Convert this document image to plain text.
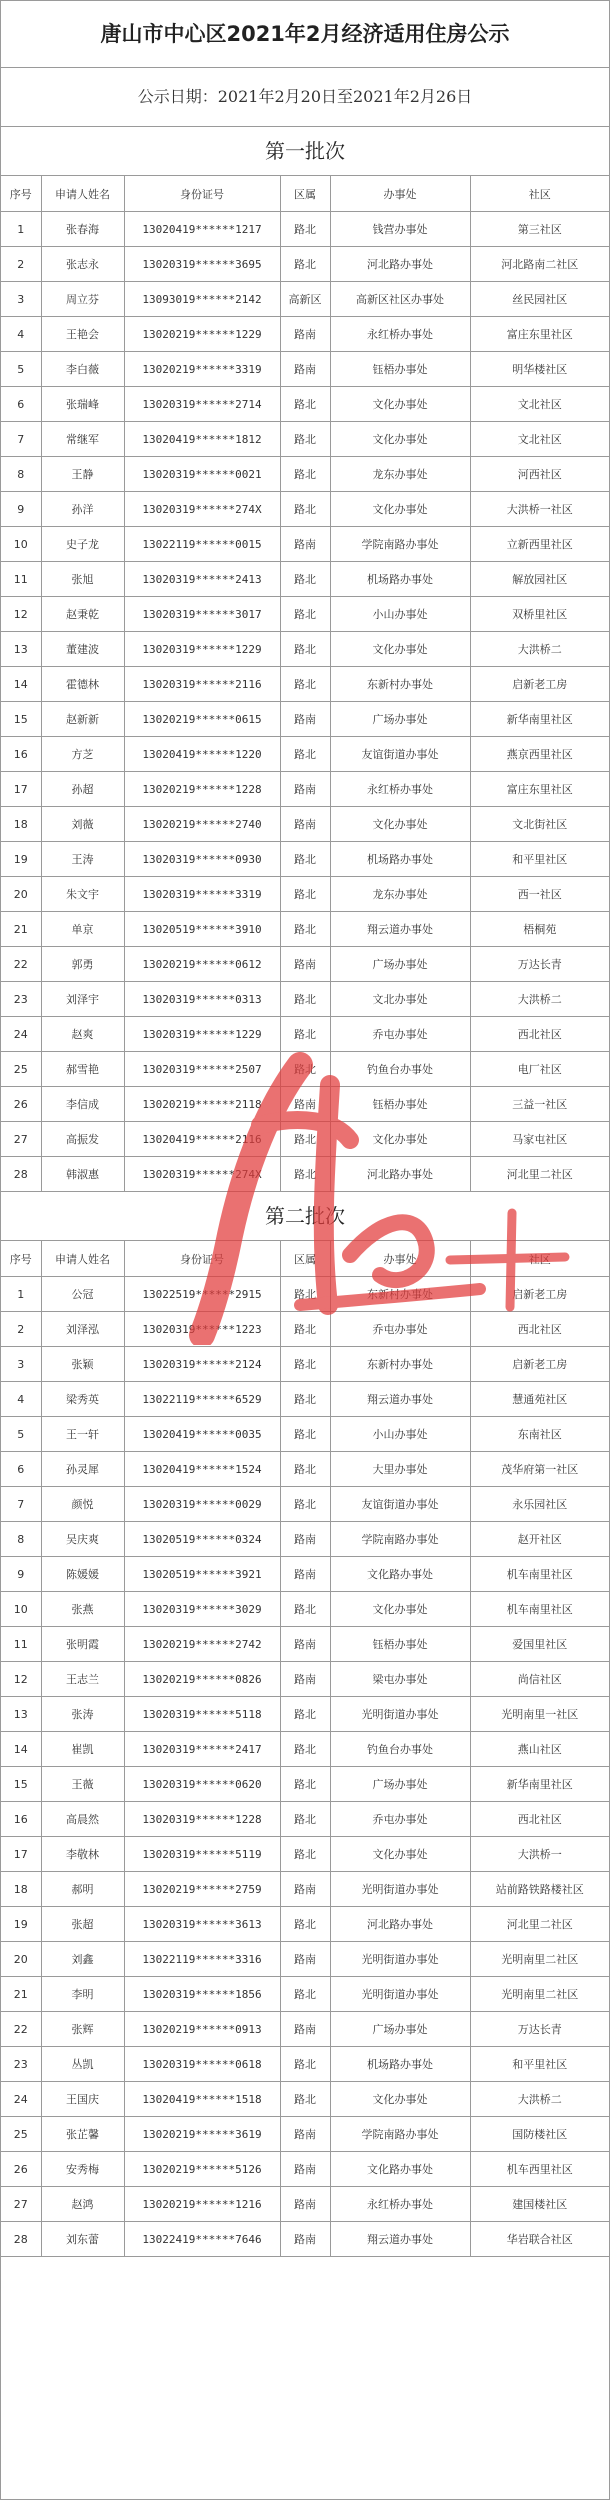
唐山市中心区2021年2月经济适用住房公示
公示日期：2021年2月20日至2021年2月26日
第一批次
序号	申请人姓名	身份证号	区属	办事处	社区
1	张春海	13020419******1217	路北	钱营办事处	第三社区
2	张志永	13020319******3695	路北	河北路办事处	河北路南二社区
3	周立芬	13093019******2142	高新区	高新区社区办事处	丝民园社区
4	王艳会	13020219******1229	路南	永红桥办事处	富庄东里社区
5	李白薇	13020219******3319	路南	钰梧办事处	明华楼社区
6	张瑞峰	13020319******2714	路北	文化办事处	文北社区
7	常继军	13020419******1812	路北	文化办事处	文北社区
8	王静	13020319******0021	路北	龙东办事处	河西社区
9	孙洋	13020319******274X	路北	文化办事处	大洪桥一社区
10	史子龙	13022119******0015	路南	学院南路办事处	立新西里社区
11	张旭	13020319******2413	路北	机场路办事处	解放园社区
12	赵秉乾	13020319******3017	路北	小山办事处	双桥里社区
13	董建波	13020319******1229	路北	文化办事处	大洪桥二
14	霍德林	13020319******2116	路北	东新村办事处	启新老工房
15	赵新新	13020219******0615	路南	广场办事处	新华南里社区
16	方芝	13020419******1220	路北	友谊街道办事处	燕京西里社区
17	孙超	13020219******1228	路南	永红桥办事处	富庄东里社区
18	刘薇	13020219******2740	路南	文化办事处	文北街社区
19	王涛	13020319******0930	路北	机场路办事处	和平里社区
20	朱文宇	13020319******3319	路北	龙东办事处	西一社区
21	单京	13020519******3910	路北	翔云道办事处	梧桐苑
22	郭勇	13020219******0612	路南	广场办事处	万达长青
23	刘泽宇	13020319******0313	路北	文北办事处	大洪桥二
24	赵爽	13020319******1229	路北	乔屯办事处	西北社区
25	郝雪艳	13020319******2507	路北	钓鱼台办事处	电厂社区
26	李信成	13020219******2118	路南	钰梧办事处	三益一社区
27	高振发	13020419******2116	路北	文化办事处	马家屯社区
28	韩淑惠	13020319******274X	路北	河北路办事处	河北里二社区
第二批次
序号	申请人姓名	身份证号	区属	办事处	社区
1	公冠	13022519******2915	路北	东新村办事处	启新老工房
2	刘泽泓	13020319******1223	路北	乔屯办事处	西北社区
3	张颖	13020319******2124	路北	东新村办事处	启新老工房
4	梁秀英	13022119******6529	路北	翔云道办事处	慧通苑社区
5	王一轩	13020419******0035	路北	小山办事处	东南社区
6	孙灵犀	13020419******1524	路北	大里办事处	茂华府第一社区
7	颜悦	13020319******0029	路北	友谊街道办事处	永乐园社区
8	吴庆爽	13020519******0324	路南	学院南路办事处	赵开社区
9	陈媛媛	13020519******3921	路南	文化路办事处	机车南里社区
10	张燕	13020319******3029	路北	文化办事处	机车南里社区
11	张明霞	13020219******2742	路南	钰梧办事处	爱国里社区
12	王志兰	13020219******0826	路南	梁屯办事处	尚信社区
13	张涛	13020319******5118	路北	光明街道办事处	光明南里一社区
14	崔凯	13020319******2417	路北	钓鱼台办事处	燕山社区
15	王薇	13020319******0620	路北	广场办事处	新华南里社区
16	高晨然	13020319******1228	路北	乔屯办事处	西北社区
17	李敬林	13020319******5119	路北	文化办事处	大洪桥一
18	郝明	13020219******2759	路南	光明街道办事处	站前路铁路楼社区
19	张超	13020319******3613	路北	河北路办事处	河北里二社区
20	刘鑫	13022119******3316	路南	光明街道办事处	光明南里二社区
21	李明	13020319******1856	路北	光明街道办事处	光明南里二社区
22	张辉	13020219******0913	路南	广场办事处	万达长青
23	丛凯	13020319******0618	路北	机场路办事处	和平里社区
24	王国庆	13020419******1518	路北	文化办事处	大洪桥二
25	张芷馨	13020219******3619	路南	学院南路办事处	国防楼社区
26	安秀梅	13020219******5126	路南	文化路办事处	机车西里社区
27	赵鸿	13020219******1216	路南	永红桥办事处	建国楼社区
28	刘东蕾	13022419******7646	路南	翔云道办事处	华岩联合社区
